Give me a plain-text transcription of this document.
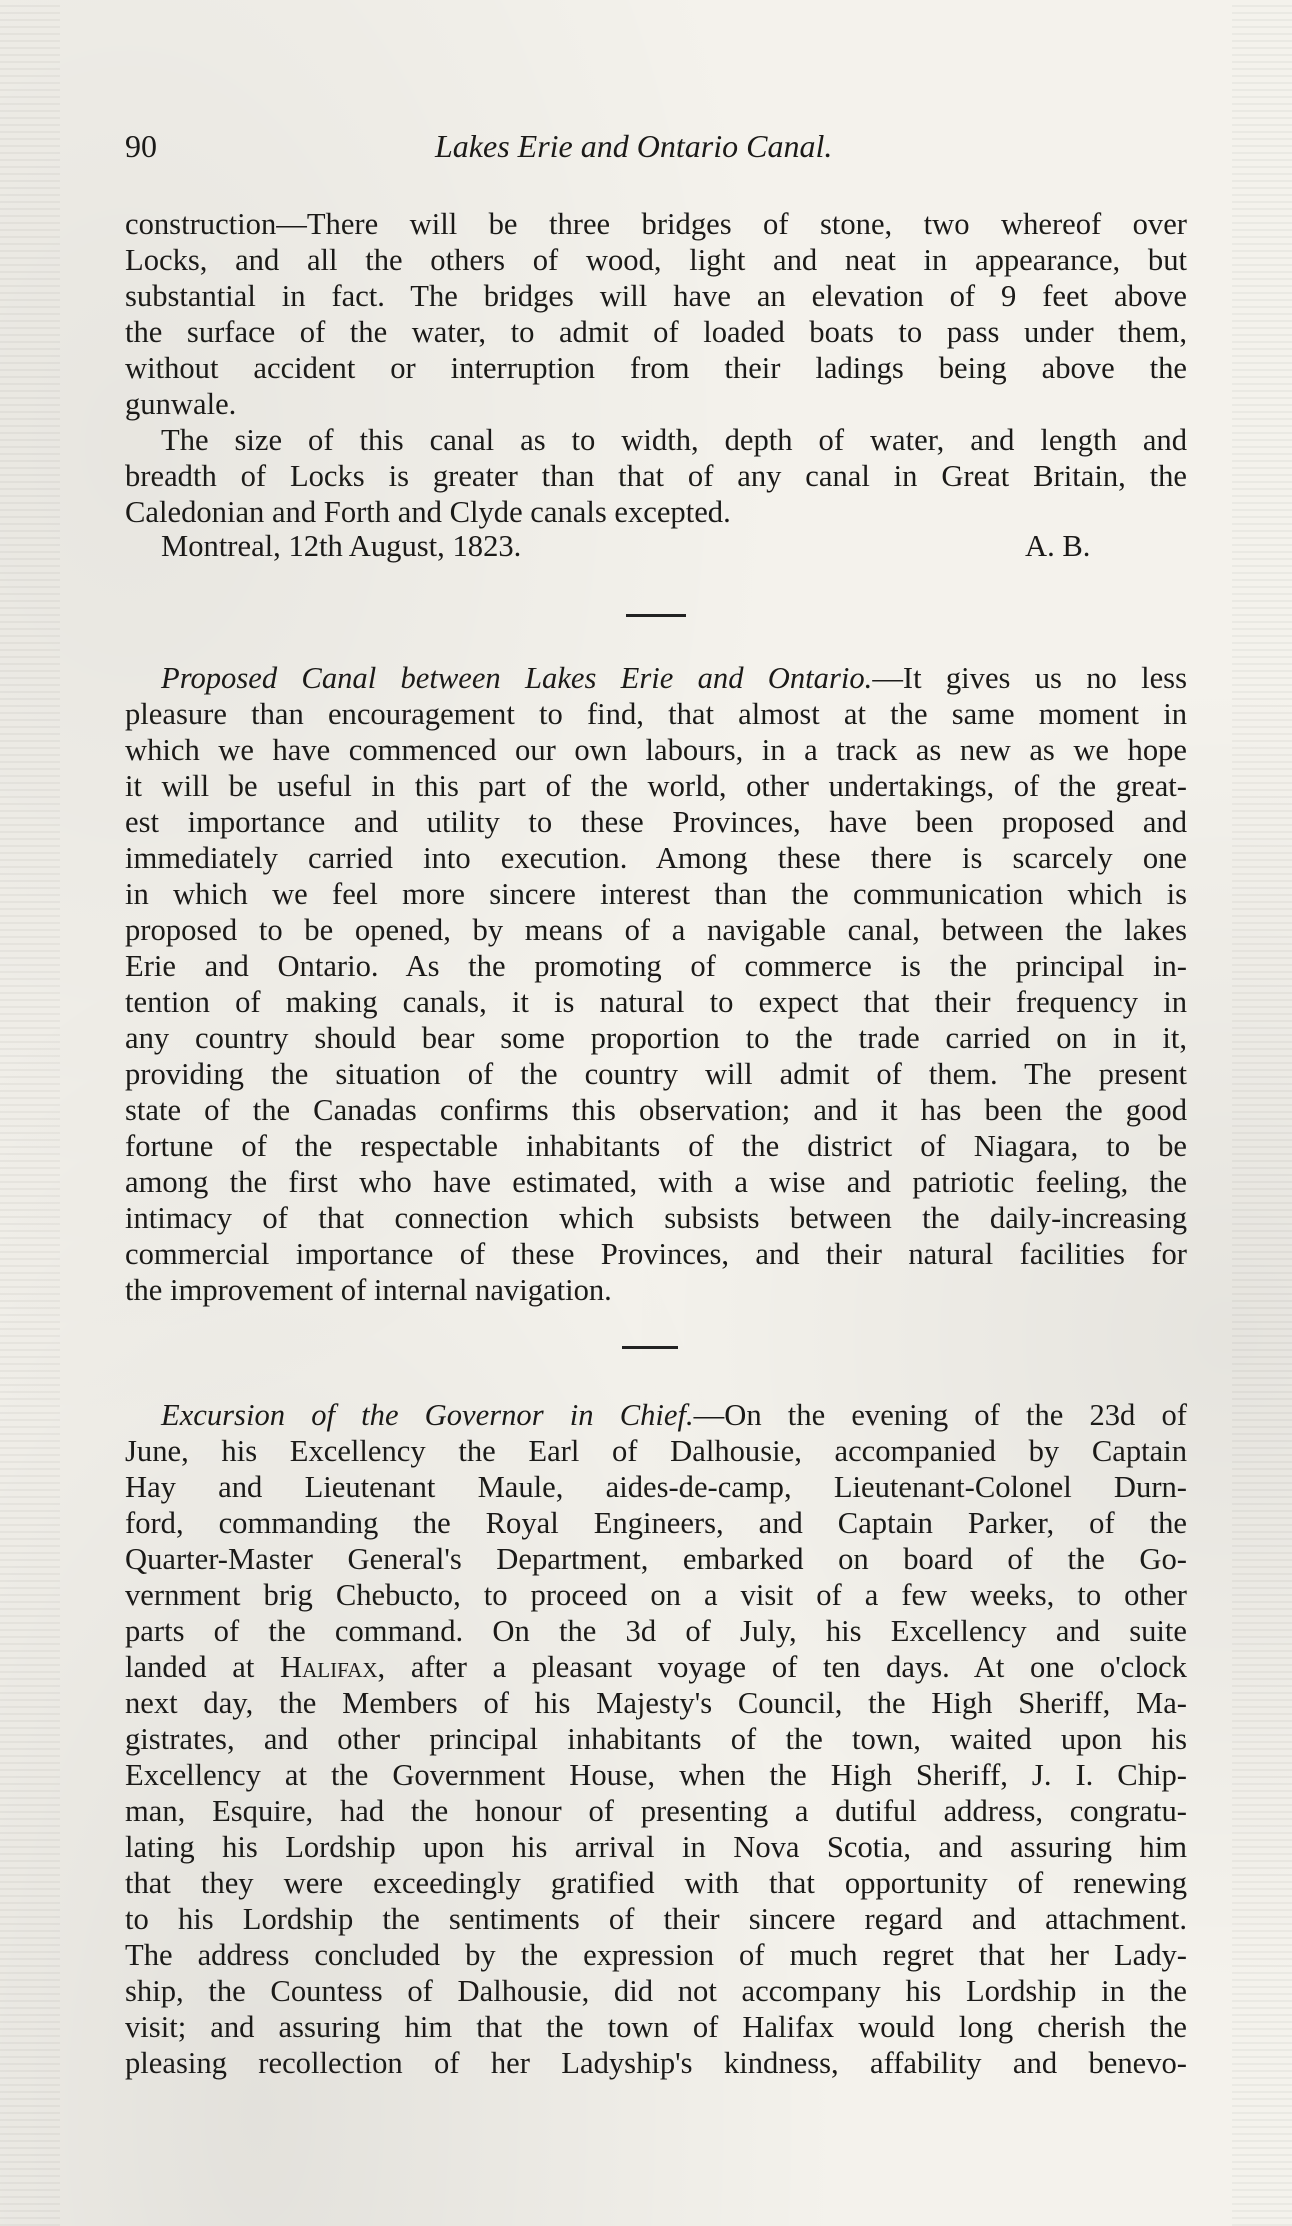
90	Lakes Erie and Ontario Canal.
construction—There will be three bridges of stone, two whereof over
Locks, and all the others of wood, light and neat in appearance, but
substantial in fact. The bridges will have an elevation of 9 feet above
the surface of the water, to admit of loaded boats to pass under them,
without accident or interruption from their ladings being above the
gunwale.
The size of this canal as to width, depth of water, and length and
breadth of Locks is greater than that of any canal in Great Britain, the
Caledonian and Forth and Clyde canals excepted.
Montreal, 12th August, 1823.	A. B.
Proposed Canal between Lakes Erie and Ontario.—It gives us no less
pleasure than encouragement to find, that almost at the same moment in
which we have commenced our own labours, in a track as new as we hope
it will be useful in this part of the world, other undertakings, of the great-
est importance and utility to these Provinces, have been proposed and
immediately carried into execution. Among these there is scarcely one
in which we feel more sincere interest than the communication which is
proposed to be opened, by means of a navigable canal, between the lakes
Erie and Ontario. As the promoting of commerce is the principal in-
tention of making canals, it is natural to expect that their frequency in
any country should bear some proportion to the trade carried on in it,
providing the situation of the country will admit of them. The present
state of the Canadas confirms this observation; and it has been the good
fortune of the respectable inhabitants of the district of Niagara, to be
among the first who have estimated, with a wise and patriotic feeling, the
intimacy of that connection which subsists between the daily-increasing
commercial importance of these Provinces, and their natural facilities for
the improvement of internal navigation.
Excursion of the Governor in Chief.—On the evening of the 23d of
June, his Excellency the Earl of Dalhousie, accompanied by Captain
Hay and Lieutenant Maule, aides-de-camp, Lieutenant-Colonel Durn-
ford, commanding the Royal Engineers, and Captain Parker, of the
Quarter-Master General's Department, embarked on board of the Go-
vernment brig Chebucto, to proceed on a visit of a few weeks, to other
parts of the command. On the 3d of July, his Excellency and suite
landed at Halifax, after a pleasant voyage of ten days. At one o'clock
next day, the Members of his Majesty's Council, the High Sheriff, Ma-
gistrates, and other principal inhabitants of the town, waited upon his
Excellency at the Government House, when the High Sheriff, J. I. Chip-
man, Esquire, had the honour of presenting a dutiful address, congratu-
lating his Lordship upon his arrival in Nova Scotia, and assuring him
that they were exceedingly gratified with that opportunity of renewing
to his Lordship the sentiments of their sincere regard and attachment.
The address concluded by the expression of much regret that her Lady-
ship, the Countess of Dalhousie, did not accompany his Lordship in the
visit; and assuring him that the town of Halifax would long cherish the
pleasing recollection of her Ladyship's kindness, affability and benevo-
